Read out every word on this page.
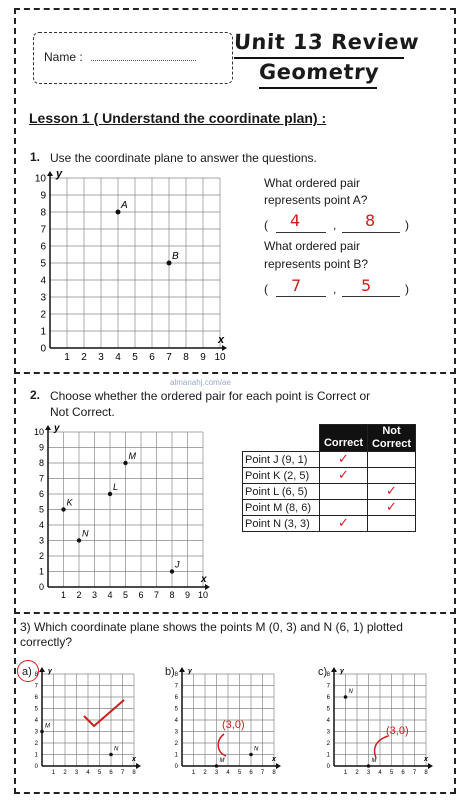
Name :
Unit 13 Review
Geometry
Lesson 1 ( Understand the coordinate plan) :
1. Use the coordinate plane to answer the questions.
1 2 3 4 5 6 7 8 9 10
0
1
2
3
4
5
6
7
8
9
10 y
x
A
B
What ordered pair
represents point A?
( 4	, 8 )
What ordered pair
represents point B?
( 7	, 5	)
2. Choose whether the ordered pair for each point is Correct or
Not Correct.
almanahj.com/ae
1 2 3 4 5 6 7 8 9 10
0
1
2
3
4
5
6
7
8
9
10 y
x
M
L
K
N
J
	Correct	Not Correct
Point J (9, 1)	✓	
Point K (2, 5)	✓	
Point L (6, 5)		✓
Point M (8, 6)		✓
Point N (3, 3)	✓	
3) Which coordinate plane shows the points M (0, 3) and N (6, 1) plotted correctly?
a)
1 2 3 4 5 6 7 8
0
1
2
3
4
5
6
7
8 y
x
M
N
b)
1 2 3 4 5 6 7 8
0
1
2
3
4
5
6
7
8 y
x
M
N
c)
1 2 3 4 5 6 7 8
0
1
2
3
4
5
6
7
8 y
x
M
N
(3,0)	(3,0)
